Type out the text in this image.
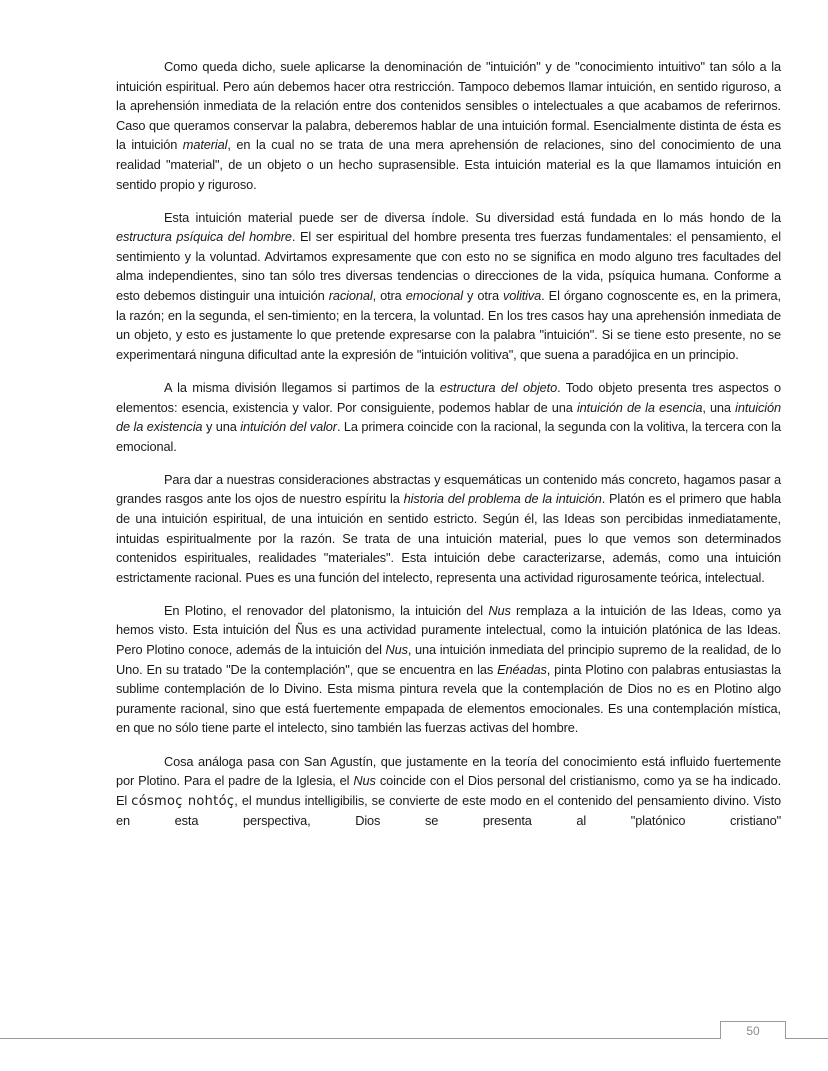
Como queda dicho, suele aplicarse la denominación de "intuición" y de "conocimiento intuitivo" tan sólo a la intuición espiritual. Pero aún debemos hacer otra restricción. Tampoco debemos llamar intuición, en sentido riguroso, a la aprehensión inmediata de la relación entre dos contenidos sensibles o intelectuales a que acabamos de referirnos. Caso que queramos conservar la palabra, deberemos hablar de una intuición formal. Esencialmente distinta de ésta es la intuición material, en la cual no se trata de una mera aprehensión de relaciones, sino del conocimiento de una realidad "material", de un objeto o un hecho suprasensible. Esta intuición material es la que llamamos intuición en sentido propio y riguroso.

Esta intuición material puede ser de diversa índole. Su diversidad está fundada en lo más hondo de la estructura psíquica del hombre. El ser espiritual del hombre presenta tres fuerzas fundamentales: el pensamiento, el sentimiento y la voluntad. Advirtamos expresamente que con esto no se significa en modo alguno tres facultades del alma independientes, sino tan sólo tres diversas tendencias o direcciones de la vida, psíquica humana. Conforme a esto debemos distinguir una intuición racional, otra emocional y otra volitiva. El órgano cognoscente es, en la primera, la razón; en la segunda, el sen-timiento; en la tercera, la voluntad. En los tres casos hay una aprehensión inmediata de un objeto, y esto es justamente lo que pretende expresarse con la palabra "intuición". Si se tiene esto presente, no se experimentará ninguna dificultad ante la expresión de "intuición volitiva", que suena a paradójica en un principio.

A la misma división llegamos si partimos de la estructura del objeto. Todo objeto presenta tres aspectos o elementos: esencia, existencia y valor. Por consiguiente, podemos hablar de una intuición de la esencia, una intuición de la existencia y una intuición del valor. La primera coincide con la racional, la segunda con la volitiva, la tercera con la emocional.

Para dar a nuestras consideraciones abstractas y esquemáticas un contenido más concreto, hagamos pasar a grandes rasgos ante los ojos de nuestro espíritu la historia del problema de la intuición. Platón es el primero que habla de una intuición espiritual, de una intuición en sentido estricto. Según él, las Ideas son percibidas inmediatamente, intuidas espiritualmente por la razón. Se trata de una intuición material, pues lo que vemos son determinados contenidos espirituales, realidades "materiales". Esta intuición debe caracterizarse, además, como una intuición estrictamente racional. Pues es una función del intelecto, representa una actividad rigurosamente teórica, intelectual.

En Plotino, el renovador del platonismo, la intuición del Nus remplaza a la intuición de las Ideas, como ya hemos visto. Esta intuición del Ñus es una actividad puramente intelectual, como la intuición platónica de las Ideas. Pero Plotino conoce, además de la intuición del Nus, una intuición inmediata del principio supremo de la realidad, de lo Uno. En su tratado "De la contemplación", que se encuentra en las Enéadas, pinta Plotino con palabras entusiastas la sublime contemplación de lo Divino. Esta misma pintura revela que la contemplación de Dios no es en Plotino algo puramente racional, sino que está fuertemente empapada de elementos emocionales. Es una contemplación mística, en que no sólo tiene parte el intelecto, sino también las fuerzas activas del hombre.

Cosa análoga pasa con San Agustín, que justamente en la teoría del conocimiento está influido fuertemente por Plotino. Para el padre de la Iglesia, el Nus coincide con el Dios personal del cristianismo, como ya se ha indicado. El cósmoç nohtóç, el mundus intelligibilis, se convierte de este modo en el contenido del pensamiento divino. Visto en esta perspectiva, Dios se presenta al "platónico cristiano"

50
